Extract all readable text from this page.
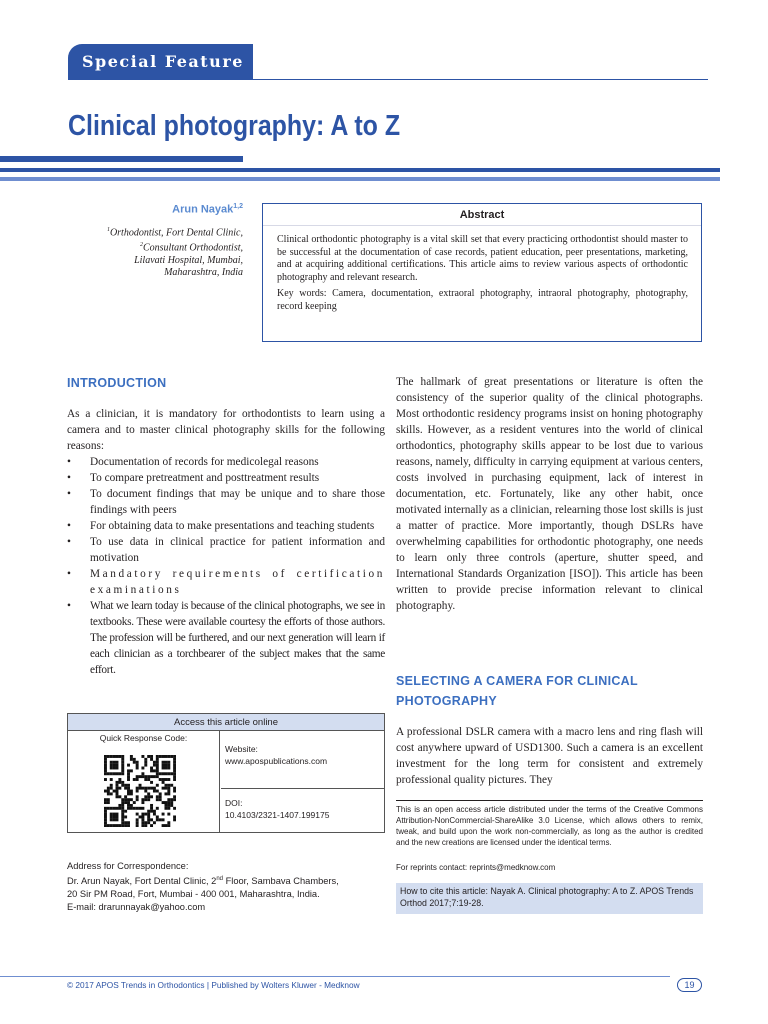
Special Feature
Clinical photography: A to Z
Arun Nayak$^{1,2}$
$^1$Orthodontist, Fort Dental Clinic,
$^2$Consultant Orthodontist,
Lilavati Hospital, Mumbai,
Maharashtra, India
Abstract

Clinical orthodontic photography is a vital skill set that every practicing orthodontist should master to be successful at the documentation of case records, patient education, peer presentations, marketing, and at acquiring additional certifications. This article aims to review various aspects of orthodontic photography and relevant research.

Key words: Camera, documentation, extraoral photography, intraoral photography, photography, record keeping

INTRODUCTION

As a clinician, it is mandatory for orthodontists to learn using a camera and to master clinical photography skills for the following reasons:

• Documentation of records for medicolegal reasons
• To compare pretreatment and posttreatment results
• To document findings that may be unique and to share those findings with peers
• For obtaining data to make presentations and teaching students
• To use data in clinical practice for patient information and motivation
• Mandatory requirements of certification examinations
• What we learn today is because of the clinical photographs, we see in textbooks. These were available courtesy the efforts of those authors. The profession will be furthered, and our next generation will learn if each clinician as a torchbearer of the subject makes that the same effort.
The hallmark of great presentations or literature is often the consistency of the superior quality of the clinical photographs. Most orthodontic residency programs insist on honing photography skills. However, as a resident ventures into the world of clinical orthodontics, photography skills appear to be lost due to various reasons, namely, difficulty in carrying equipment at various centers, costs involved in purchasing equipment, lack of interest in documentation, etc. Fortunately, like any other habit, once motivated internally as a clinician, relearning those lost skills is just a matter of practice. More importantly, though DSLRs have overwhelming capabilities for orthodontic photography, one needs to learn only three controls (aperture, shutter speed, and International Standards Organization [ISO]). This article has been written to provide precise information relevant to clinical photography.
SELECTING A CAMERA FOR CLINICAL
PHOTOGRAPHY
A professional DSLR camera with a macro lens and ring flash will cost anywhere upward of USD1300. Such a camera is an excellent investment for the long term for consistent and extremely professional quality pictures. They
Access this article online
Quick Response Code:
Website:
www.apospublications.com
DOI:
10.4103/2321-1407.199175
Address for Correspondence:
Dr. Arun Nayak, Fort Dental Clinic, 2nd Floor, Sambava Chambers,
20 Sir PM Road, Fort, Mumbai - 400 001, Maharashtra, India.
E-mail: drarunnayak@yahoo.com
This is an open access article distributed under the terms of the Creative Commons Attribution-NonCommercial-ShareAlike 3.0 License, which allows others to remix, tweak, and build upon the work non-commercially, as long as the author is credited and the new creations are licensed under the identical terms.
For reprints contact: reprints@medknow.com
How to cite this article: Nayak A. Clinical photography: A to Z. APOS Trends Orthod 2017;7:19-28.
© 2017 APOS Trends in Orthodontics | Published by Wolters Kluwer - Medknow	19
